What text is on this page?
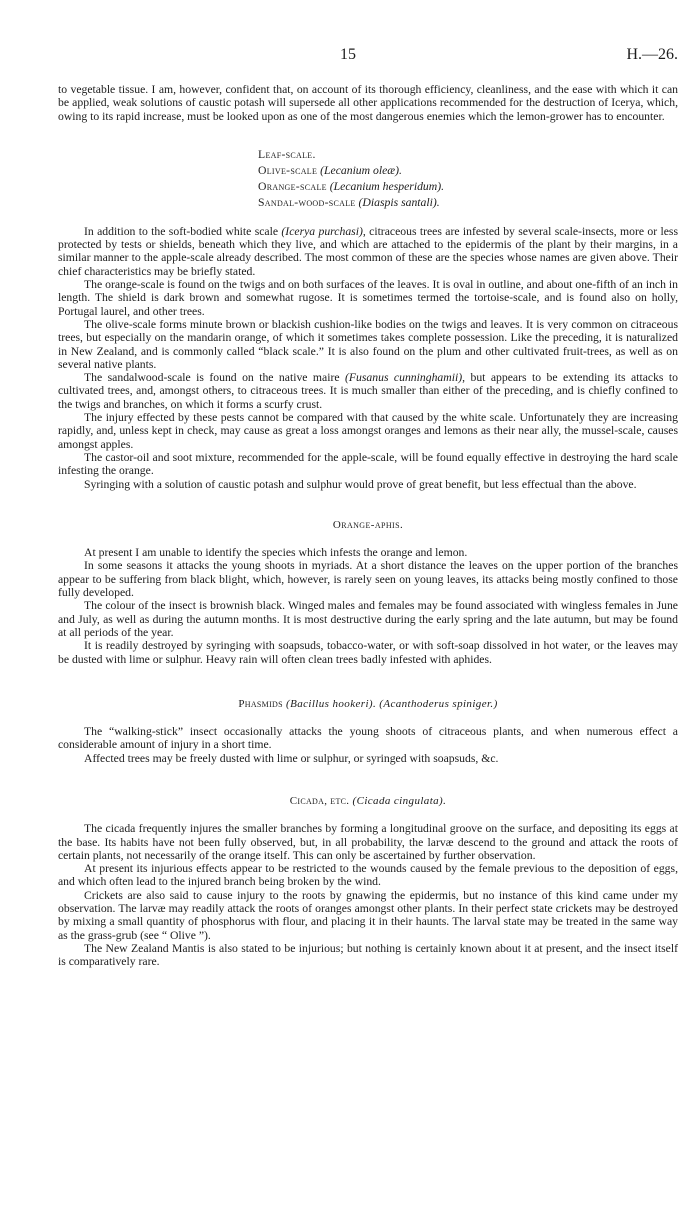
15	H.—26.

to vegetable tissue. I am, however, confident that, on account of its thorough efficiency, cleanliness, and the ease with which it can be applied, weak solutions of caustic potash will supersede all other applications recommended for the destruction of Icerya, which, owing to its rapid increase, must be looked upon as one of the most dangerous enemies which the lemon-grower has to encounter.

Leaf-scale.
Olive-scale (Lecanium oleæ).
Orange-scale (Lecanium hesperidum).
Sandal-wood-scale (Diaspis santali).

In addition to the soft-bodied white scale (Icerya purchasi), citraceous trees are infested by several scale-insects, more or less protected by tests or shields, beneath which they live, and which are attached to the epidermis of the plant by their margins, in a similar manner to the apple-scale already described. The most common of these are the species whose names are given above. Their chief characteristics may be briefly stated.

The orange-scale is found on the twigs and on both surfaces of the leaves. It is oval in outline, and about one-fifth of an inch in length. The shield is dark brown and somewhat rugose. It is sometimes termed the tortoise-scale, and is found also on holly, Portugal laurel, and other trees.

The olive-scale forms minute brown or blackish cushion-like bodies on the twigs and leaves. It is very common on citraceous trees, but especially on the mandarin orange, of which it sometimes takes complete possession. Like the preceding, it is naturalized in New Zealand, and is commonly called “black scale.” It is also found on the plum and other cultivated fruit-trees, as well as on several native plants.

The sandalwood-scale is found on the native maire (Fusanus cunninghamii), but appears to be extending its attacks to cultivated trees, and, amongst others, to citraceous trees. It is much smaller than either of the preceding, and is chiefly confined to the twigs and branches, on which it forms a scurfy crust.

The injury effected by these pests cannot be compared with that caused by the white scale. Unfortunately they are increasing rapidly, and, unless kept in check, may cause as great a loss amongst oranges and lemons as their near ally, the mussel-scale, causes amongst apples.

The castor-oil and soot mixture, recommended for the apple-scale, will be found equally effective in destroying the hard scale infesting the orange.

Syringing with a solution of caustic potash and sulphur would prove of great benefit, but less effectual than the above.

Orange-aphis.

At present I am unable to identify the species which infests the orange and lemon.

In some seasons it attacks the young shoots in myriads. At a short distance the leaves on the upper portion of the branches appear to be suffering from black blight, which, however, is rarely seen on young leaves, its attacks being mostly confined to those fully developed.

The colour of the insect is brownish black. Winged males and females may be found associated with wingless females in June and July, as well as during the autumn months. It is most destructive during the early spring and the late autumn, but may be found at all periods of the year.

It is readily destroyed by syringing with soapsuds, tobacco-water, or with soft-soap dissolved in hot water, or the leaves may be dusted with lime or sulphur. Heavy rain will often clean trees badly infested with aphides.

Phasmids (Bacillus hookeri). (Acanthoderus spiniger.)

The “walking-stick” insect occasionally attacks the young shoots of citraceous plants, and when numerous effect a considerable amount of injury in a short time.

Affected trees may be freely dusted with lime or sulphur, or syringed with soapsuds, &c.

Cicada, etc. (Cicada cingulata).

The cicada frequently injures the smaller branches by forming a longitudinal groove on the surface, and depositing its eggs at the base. Its habits have not been fully observed, but, in all probability, the larvæ descend to the ground and attack the roots of certain plants, not necessarily of the orange itself. This can only be ascertained by further observation.

At present its injurious effects appear to be restricted to the wounds caused by the female previous to the deposition of eggs, and which often lead to the injured branch being broken by the wind.

Crickets are also said to cause injury to the roots by gnawing the epidermis, but no instance of this kind came under my observation. The larvæ may readily attack the roots of oranges amongst other plants. In their perfect state crickets may be destroyed by mixing a small quantity of phosphorus with flour, and placing it in their haunts. The larval state may be treated in the same way as the grass-grub (see “ Olive ”).

The New Zealand Mantis is also stated to be injurious; but nothing is certainly known about it at present, and the insect itself is comparatively rare.
